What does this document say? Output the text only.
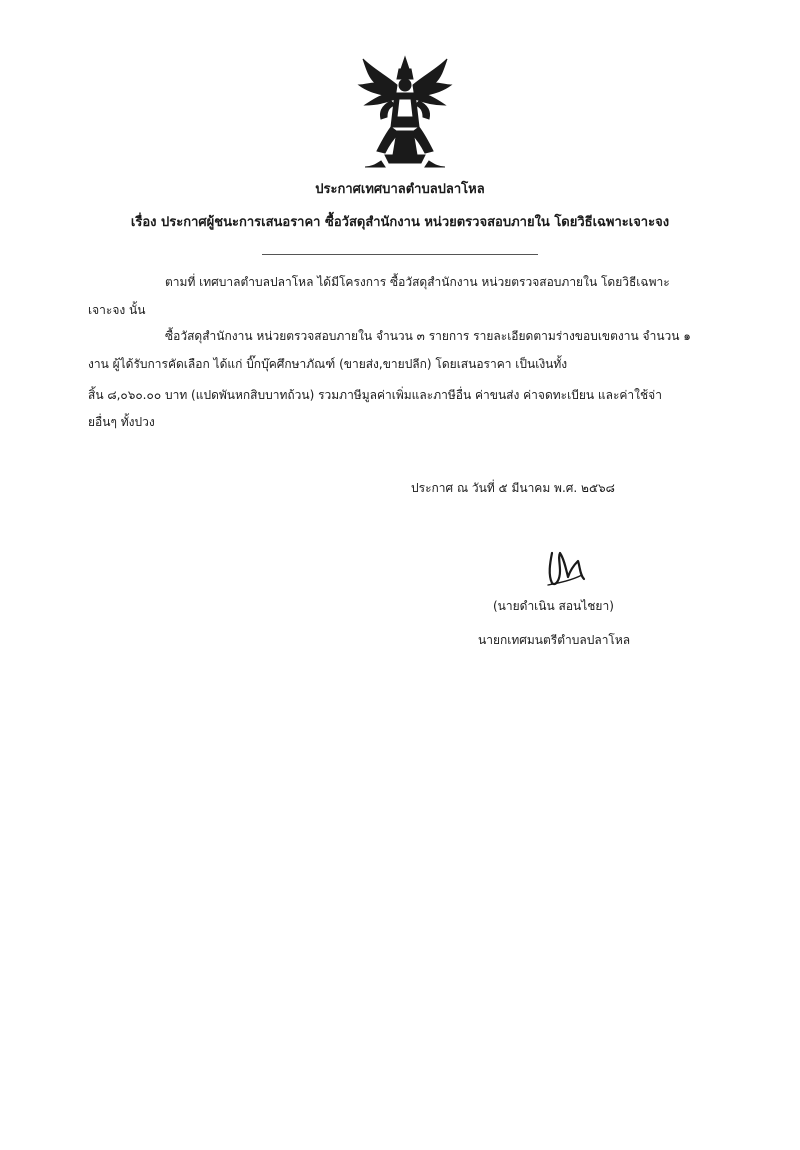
ประกาศเทศบาลตำบลปลาโหล
เรื่อง ประกาศผู้ชนะการเสนอราคา ซื้อวัสดุสำนักงาน หน่วยตรวจสอบภายใน โดยวิธีเฉพาะเจาะจง
ตามที่ เทศบาลตำบลปลาโหล ได้มีโครงการ ซื้อวัสดุสำนักงาน หน่วยตรวจสอบภายใน โดยวิธีเฉพาะ
เจาะจง นั้น
ซื้อวัสดุสำนักงาน หน่วยตรวจสอบภายใน จำนวน ๓ รายการ รายละเอียดตามร่างขอบเขตงาน จำนวน ๑
งาน ผู้ได้รับการคัดเลือก ได้แก่ บิ๊กบุ๊คศึกษาภัณฑ์ (ขายส่ง,ขายปลีก) โดยเสนอราคา เป็นเงินทั้ง
สิ้น ๘,๐๖๐.๐๐ บาท (แปดพันหกสิบบาทถ้วน) รวมภาษีมูลค่าเพิ่มและภาษีอื่น ค่าขนส่ง ค่าจดทะเบียน และค่าใช้จ่า
ยอื่นๆ ทั้งปวง
ประกาศ ณ วันที่ ๕ มีนาคม พ.ศ. ๒๕๖๘
(นายดำเนิน สอนไชยา)
นายกเทศมนตรีตำบลปลาโหล
